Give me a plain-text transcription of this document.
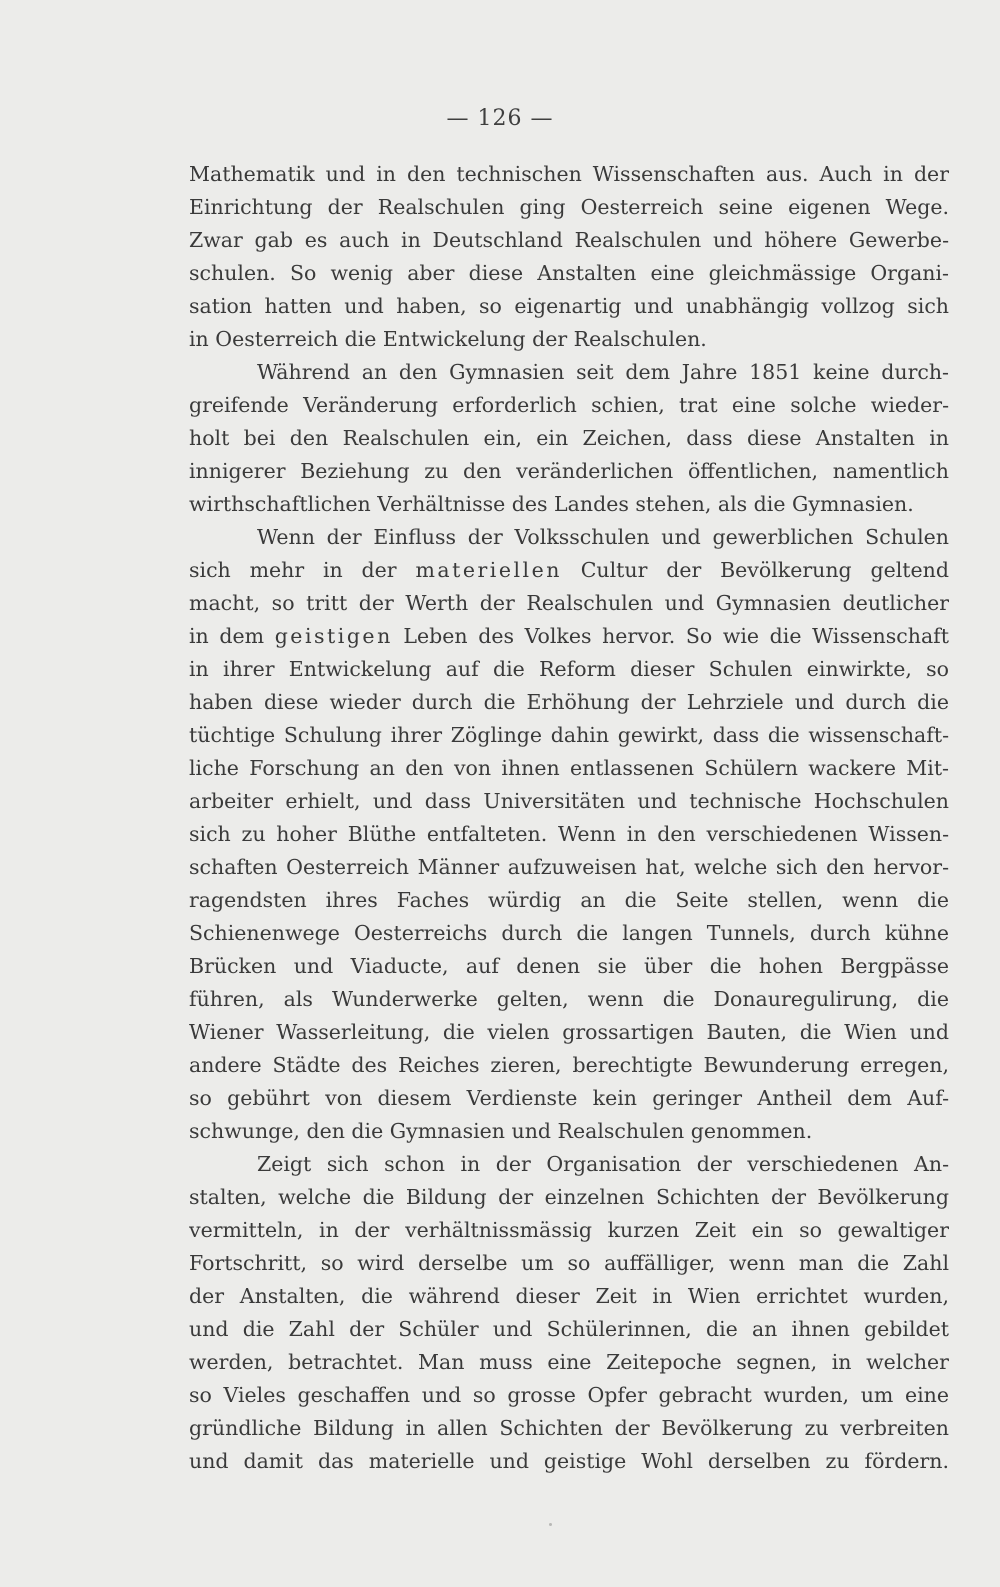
— 126 —
Mathematik und in den technischen Wissenschaften aus. Auch in der
Einrichtung der Realschulen ging Oesterreich seine eigenen Wege.
Zwar gab es auch in Deutschland Realschulen und höhere Gewerbe-
schulen. So wenig aber diese Anstalten eine gleichmässige Organi-
sation hatten und haben, so eigenartig und unabhängig vollzog sich
in Oesterreich die Entwickelung der Realschulen.
Während an den Gymnasien seit dem Jahre 1851 keine durch-
greifende Veränderung erforderlich schien, trat eine solche wieder-
holt bei den Realschulen ein, ein Zeichen, dass diese Anstalten in
innigerer Beziehung zu den veränderlichen öffentlichen, namentlich
wirthschaftlichen Verhältnisse des Landes stehen, als die Gymnasien.
Wenn der Einfluss der Volksschulen und gewerblichen Schulen
sich mehr in der materiellen Cultur der Bevölkerung geltend
macht, so tritt der Werth der Realschulen und Gymnasien deutlicher
in dem geistigen Leben des Volkes hervor. So wie die Wissenschaft
in ihrer Entwickelung auf die Reform dieser Schulen einwirkte, so
haben diese wieder durch die Erhöhung der Lehrziele und durch die
tüchtige Schulung ihrer Zöglinge dahin gewirkt, dass die wissenschaft-
liche Forschung an den von ihnen entlassenen Schülern wackere Mit-
arbeiter erhielt, und dass Universitäten und technische Hochschulen
sich zu hoher Blüthe entfalteten. Wenn in den verschiedenen Wissen-
schaften Oesterreich Männer aufzuweisen hat, welche sich den hervor-
ragendsten ihres Faches würdig an die Seite stellen, wenn die
Schienenwege Oesterreichs durch die langen Tunnels, durch kühne
Brücken und Viaducte, auf denen sie über die hohen Bergpässe
führen, als Wunderwerke gelten, wenn die Donauregulirung, die
Wiener Wasserleitung, die vielen grossartigen Bauten, die Wien und
andere Städte des Reiches zieren, berechtigte Bewunderung erregen,
so gebührt von diesem Verdienste kein geringer Antheil dem Auf-
schwunge, den die Gymnasien und Realschulen genommen.
Zeigt sich schon in der Organisation der verschiedenen An-
stalten, welche die Bildung der einzelnen Schichten der Bevölkerung
vermitteln, in der verhältnissmässig kurzen Zeit ein so gewaltiger
Fortschritt, so wird derselbe um so auffälliger, wenn man die Zahl
der Anstalten, die während dieser Zeit in Wien errichtet wurden,
und die Zahl der Schüler und Schülerinnen, die an ihnen gebildet
werden, betrachtet. Man muss eine Zeitepoche segnen, in welcher
so Vieles geschaffen und so grosse Opfer gebracht wurden, um eine
gründliche Bildung in allen Schichten der Bevölkerung zu verbreiten
und damit das materielle und geistige Wohl derselben zu fördern.
